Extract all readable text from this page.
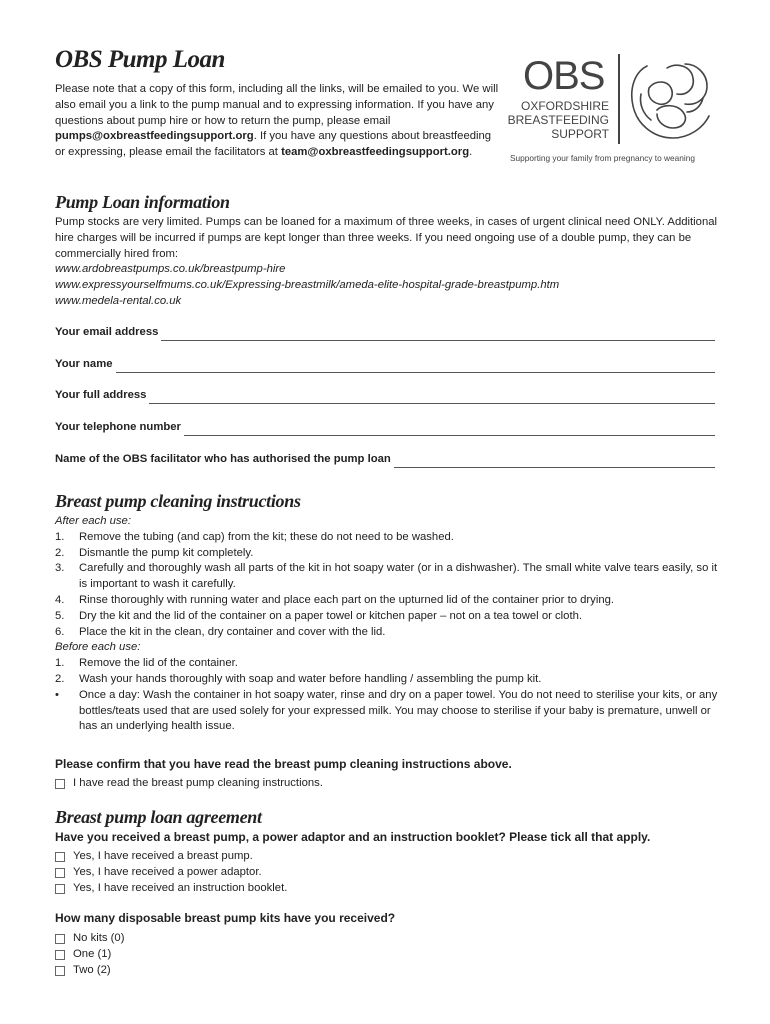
OBS Pump Loan

Please note that a copy of this form, including all the links, will be emailed to you. We will also email you a link to the pump manual and to expressing information. If you have any questions about pump hire or how to return the pump, please email pumps@oxbreastfeedingsupport.org. If you have any questions about breastfeeding or expressing, please email the facilitators at team@oxbreastfeedingsupport.org.

OBS
OXFORDSHIRE
BREASTFEEDING
SUPPORT
Supporting your family from pregnancy to weaning
Pump Loan information

Pump stocks are very limited. Pumps can be loaned for a maximum of three weeks, in cases of urgent clinical need ONLY. Additional hire charges will be incurred if pumps are kept longer than three weeks. If you need ongoing use of a double pump, they can be commercially hired from:

www.ardobreastpumps.co.uk/breastpump-hire

www.expressyourselfmums.co.uk/Expressing-breastmilk/ameda-elite-hospital-grade-breastpump.htm

www.medela-rental.co.uk

Your email address
Your name
Your full address
Your telephone number
Name of the OBS facilitator who has authorised the pump loan
Breast pump cleaning instructions
After each use:
1. Remove the tubing (and cap) from the kit; these do not need to be washed.
2. Dismantle the pump kit completely.
3. Carefully and thoroughly wash all parts of the kit in hot soapy water (or in a dishwasher). The small white valve tears easily, so it is important to wash it carefully.
4. Rinse thoroughly with running water and place each part on the upturned lid of the container prior to drying.
5. Dry the kit and the lid of the container on a paper towel or kitchen paper – not on a tea towel or cloth.
6. Place the kit in the clean, dry container and cover with the lid.
Before each use:
1. Remove the lid of the container.
2. Wash your hands thoroughly with soap and water before handling / assembling the pump kit.
• Once a day: Wash the container in hot soapy water, rinse and dry on a paper towel. You do not need to sterilise your kits, or any bottles/teats used that are used solely for your expressed milk. You may choose to sterilise if your baby is premature, unwell or has an underlying health issue.
Please confirm that you have read the breast pump cleaning instructions above.
I have read the breast pump cleaning instructions.
Breast pump loan agreement
Have you received a breast pump, a power adaptor and an instruction booklet? Please tick all that apply.
Yes, I have received a breast pump.
Yes, I have received a power adaptor.
Yes, I have received an instruction booklet.
How many disposable breast pump kits have you received?
No kits (0)
One (1)
Two (2)
